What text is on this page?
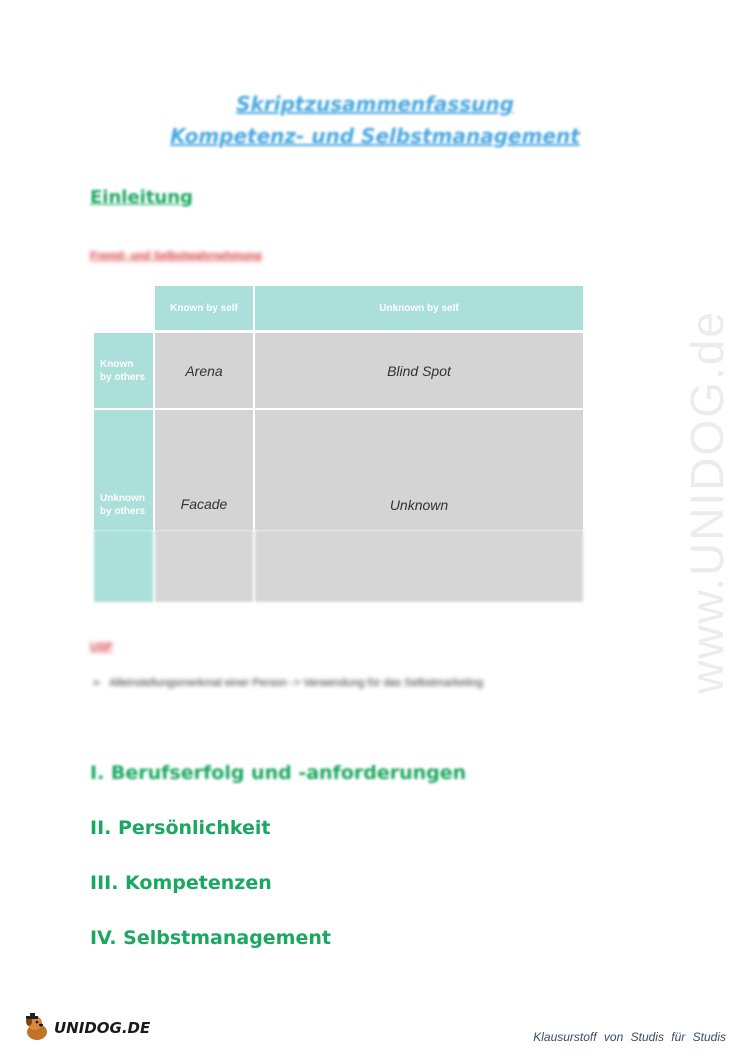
www.UNIDOG.de
Skriptzusammenfassung
Kompetenz- und Selbstmanagement
Einleitung
Fremd- und Selbstwahrnehmung
Known by self	Unknown by self
Known
by others	Arena	Blind Spot
Unknown
by others	Facade	Unknown
USP
➢ Alleinstellungsmerkmal einer Person -> Verwendung für das Selbstmarketing
I. Berufserfolg und -anforderungen
II. Persönlichkeit
III. Kompetenzen
IV. Selbstmanagement
UNIDOG.DE	Klausurstoff von Studis für Studis
